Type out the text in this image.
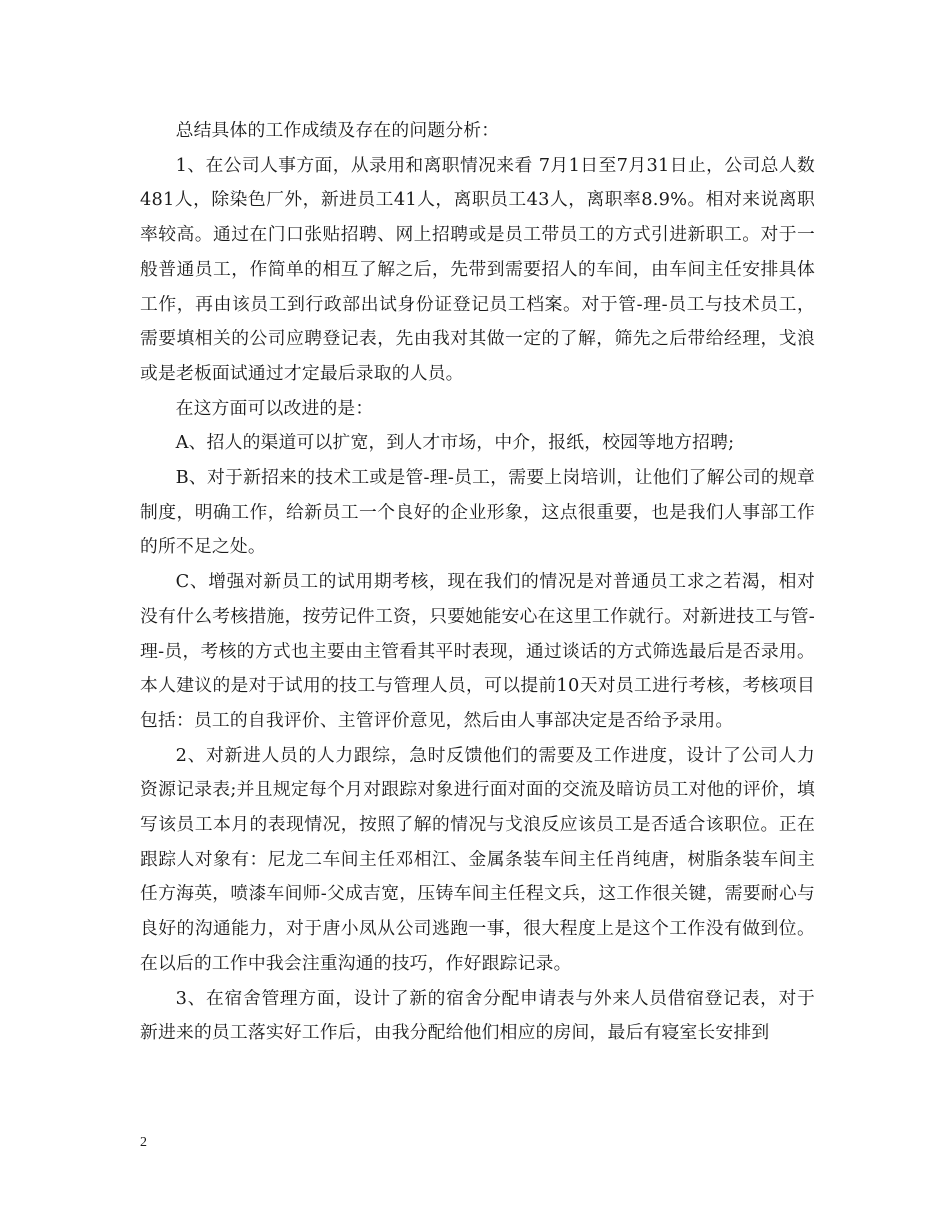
总结具体的工作成绩及存在的问题分析：

1、在公司人事方面，从录用和离职情况来看 7月1日至7月31日止，公司总人数481人，除染色厂外，新进员工41人，离职员工43人，离职率8.9%。相对来说离职率较高。通过在门口张贴招聘、网上招聘或是员工带员工的方式引进新职工。对于一般普通员工，作简单的相互了解之后，先带到需要招人的车间，由车间主任安排具体工作，再由该员工到行政部出试身份证登记员工档案。对于管-理-员工与技术员工，需要填相关的公司应聘登记表，先由我对其做一定的了解，筛先之后带给经理，戈浪或是老板面试通过才定最后录取的人员。

在这方面可以改进的是：

A、招人的渠道可以扩宽，到人才市场，中介，报纸，校园等地方招聘;

B、对于新招来的技术工或是管-理-员工，需要上岗培训，让他们了解公司的规章制度，明确工作，给新员工一个良好的企业形象，这点很重要，也是我们人事部工作的所不足之处。

C、增强对新员工的试用期考核，现在我们的情况是对普通员工求之若渴，相对没有什么考核措施，按劳记件工资，只要她能安心在这里工作就行。对新进技工与管-理-员，考核的方式也主要由主管看其平时表现，通过谈话的方式筛选最后是否录用。本人建议的是对于试用的技工与管理人员，可以提前10天对员工进行考核，考核项目包括：员工的自我评价、主管评价意见，然后由人事部决定是否给予录用。

2、对新进人员的人力跟综，急时反馈他们的需要及工作进度，设计了公司人力资源记录表;并且规定每个月对跟踪对象进行面对面的交流及暗访员工对他的评价，填写该员工本月的表现情况，按照了解的情况与戈浪反应该员工是否适合该职位。正在跟踪人对象有：尼龙二车间主任邓相江、金属条装车间主任肖纯唐，树脂条装车间主任方海英，喷漆车间师-父成吉宽，压铸车间主任程文兵，这工作很关键，需要耐心与良好的沟通能力，对于唐小凤从公司逃跑一事，很大程度上是这个工作没有做到位。在以后的工作中我会注重沟通的技巧，作好跟踪记录。

3、在宿舍管理方面，设计了新的宿舍分配申请表与外来人员借宿登记表，对于新进来的员工落实好工作后，由我分配给他们相应的房间，最后有寝室长安排到

2
